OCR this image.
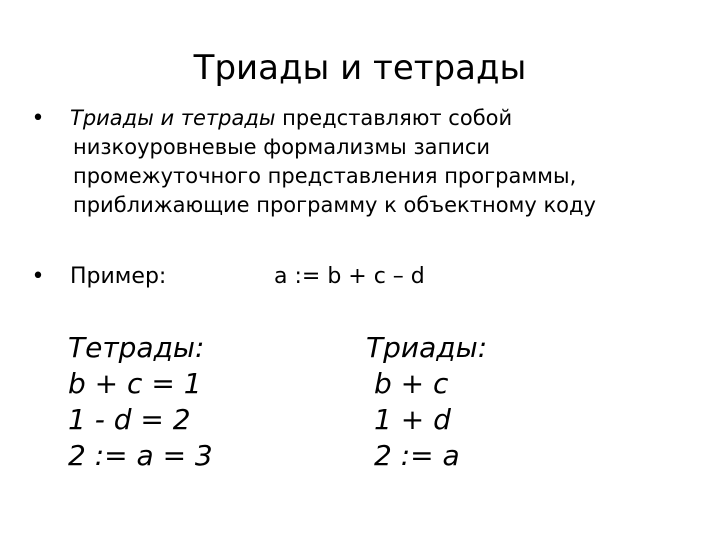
Триады и тетрады
• Триады и тетрады представляют собой
низкоуровневые формализмы записи
промежуточного представления программы,
приближающие программу к объектному коду
• Пример:	a := b + c – d
Тетрады:
b + c = 1
1 - d = 2
2 := a = 3
Триады:
b + c
1 + d
2 := a
